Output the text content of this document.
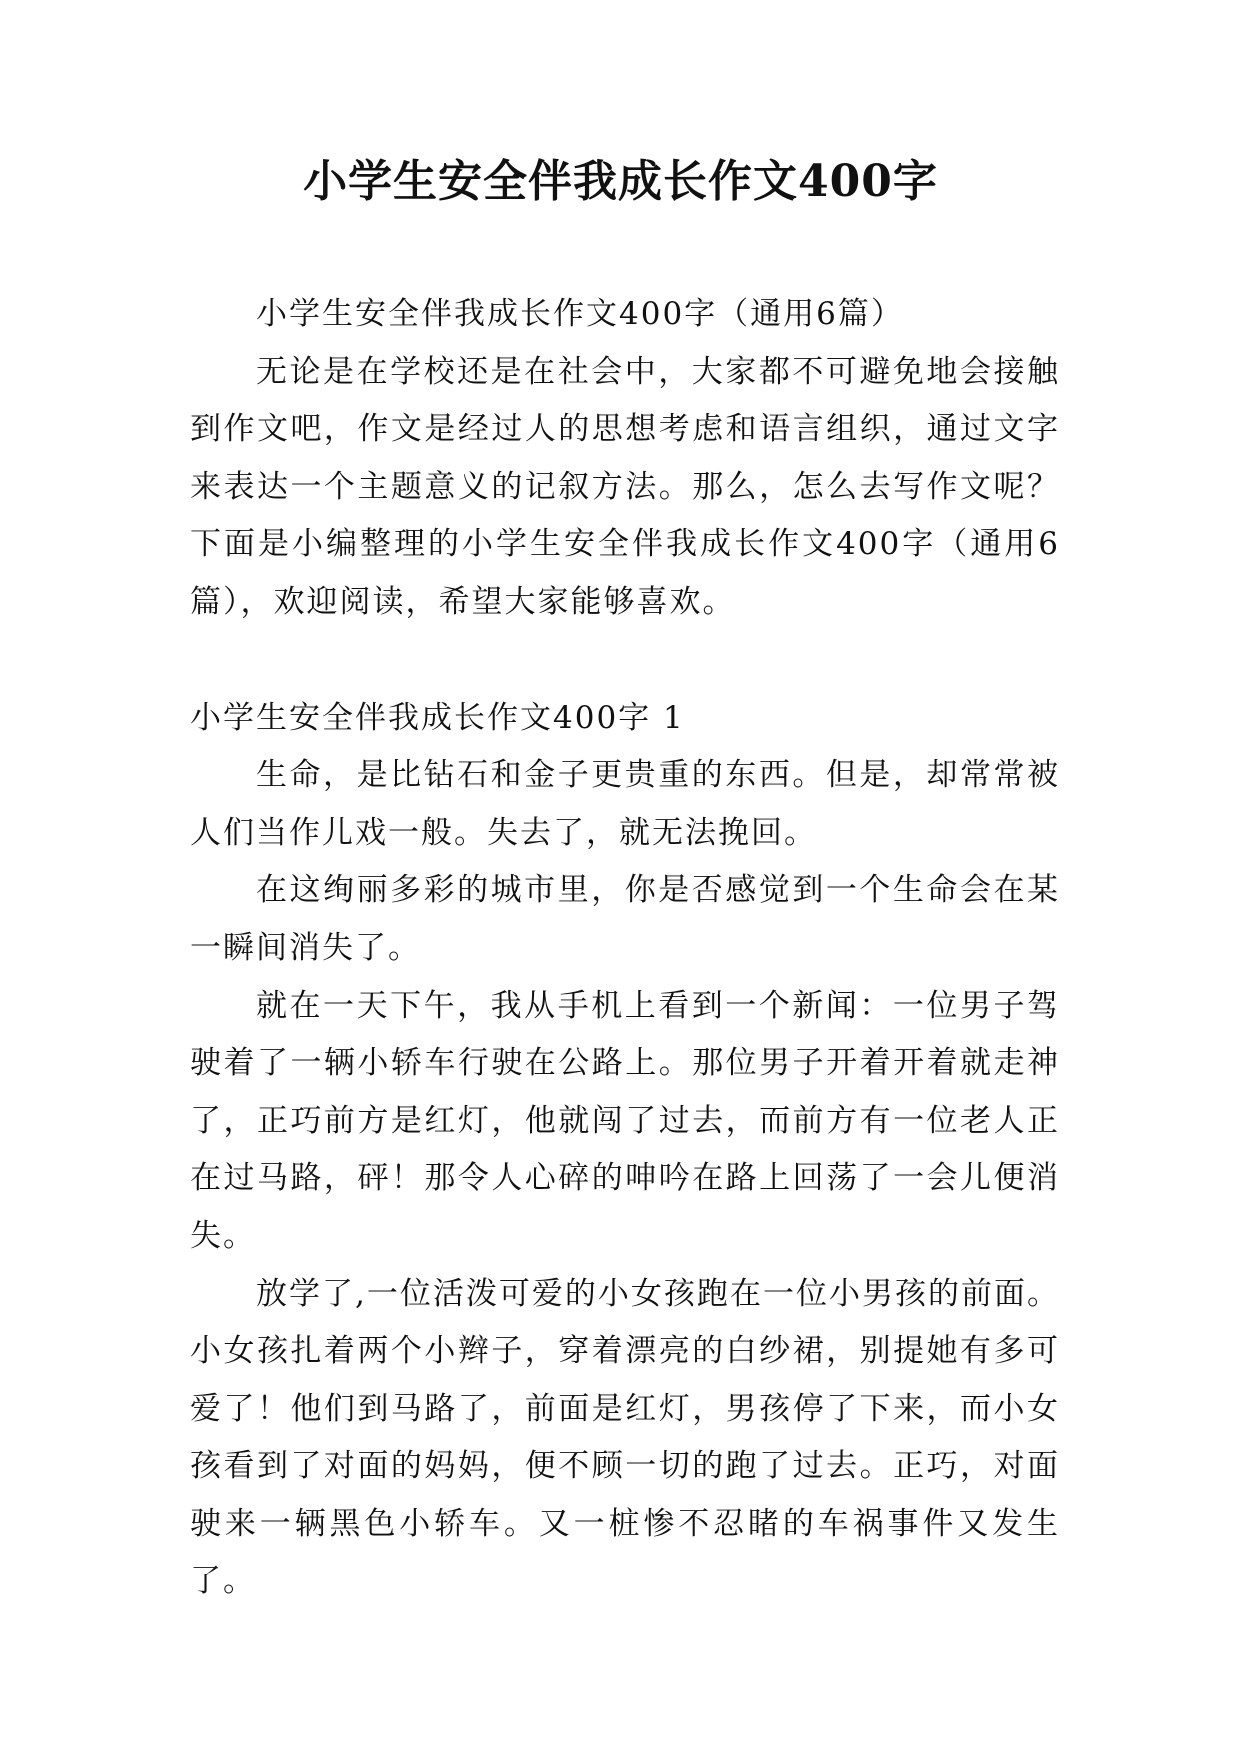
小学生安全伴我成长作文400字

小学生安全伴我成长作文400字（通用6篇）

无论是在学校还是在社会中，大家都不可避免地会接触到作文吧，作文是经过人的思想考虑和语言组织，通过文字来表达一个主题意义的记叙方法。那么，怎么去写作文呢？下面是小编整理的小学生安全伴我成长作文400字（通用6篇），欢迎阅读，希望大家能够喜欢。

小学生安全伴我成长作文400字 1

生命，是比钻石和金子更贵重的东西。但是，却常常被人们当作儿戏一般。失去了，就无法挽回。

在这绚丽多彩的城市里，你是否感觉到一个生命会在某一瞬间消失了。

就在一天下午，我从手机上看到一个新闻：一位男子驾驶着了一辆小轿车行驶在公路上。那位男子开着开着就走神了，正巧前方是红灯，他就闯了过去，而前方有一位老人正在过马路，砰！那令人心碎的呻吟在路上回荡了一会儿便消失。

放学了,一位活泼可爱的小女孩跑在一位小男孩的前面。小女孩扎着两个小辫子，穿着漂亮的白纱裙，别提她有多可爱了！他们到马路了，前面是红灯，男孩停了下来，而小女孩看到了对面的妈妈，便不顾一切的跑了过去。正巧，对面驶来一辆黑色小轿车。又一桩惨不忍睹的车祸事件又发生了。
